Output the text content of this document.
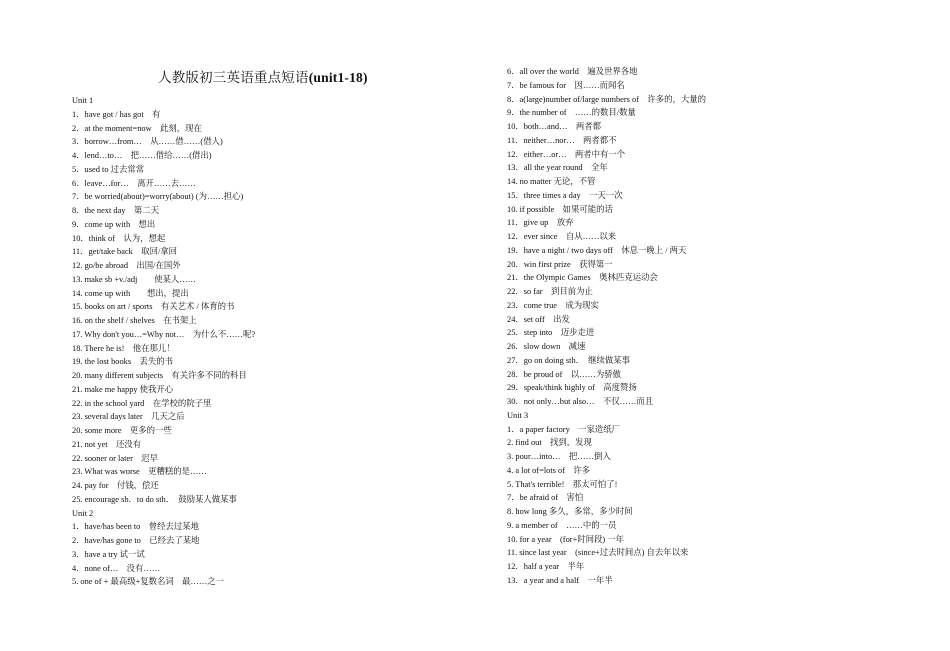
人教版初三英语重点短语(unit1-18)
Unit 1
1．have got / has got　有
2．at the moment=now　此刻，现在
3．borrow…from…　从……借……(借人)
4．lend…to…　把……借给……(借出)
5．used to 过去常常
6．leave…for…　离开……去……
7．be worried(about)=worry(about) (为……担心)
8．the next day　第二天
9．come up with　想出
10．think of　认为，想起
11．get/take back　取回/拿回
12. go/be abroad　出国/在国外
13. make sb +v./adj　　使某人……
14. come up with　　想出，提出
15. books on art / sports　有关艺术 / 体育的书
16. on the shelf / shelves　在书架上
17. Why don't you…=Why not…　为什么不……呢?
18. There he is!　他在那儿！
19. the lost books　丢失的书
20. many different subjects　有关许多不同的科目
21. make me happy 使我开心
22. in the school yard　在学校的院子里
23. several days later　几天之后
20. some more　更多的一些
21. not yet　还没有
22. sooner or later　迟早
23. What was worse　更糟糕的是……
24. pay for　付钱，偿还
25. encourage sb．to do sth．　鼓励某人做某事
Unit 2
1．have/has been to　曾经去过某地
2．have/has gone to　已经去了某地
3．have a try 试一试
4．none of…　没有……
5. one of + 最高级+复数名词　最……之一
6．all over the world　遍及世界各地
7．be famous for　因……而闻名
8．a(large)number of/large numbers of　许多的，大量的
9．the number of　……的数目/数量
10．both…and…　两者都
11．neither…nor…　两者都不
12．either…or…　两者中有一个
13．all the year round　全年
14. no matter 无论，不管
15．three times a day　一天一次
10. if possible　如果可能的话
11．give up　放弃
12．ever since　自从……以来
19．have a night / two days off　休息一晚上 / 两天
20．win first prize　获得第一
21．the Olympic Games　奥林匹克运动会
22．so far　到目前为止
23．come true　成为现实
24．set off　出发
25．step into　迈步走进
26．slow down　减速
27．go on doing sth．　继续做某事
28．be proud of　以……为骄傲
29．speak/think highly of　高度赞扬
30．not only…but also…　不仅……而且
Unit 3
1．a paper factory　一家造纸厂
2. find out　找到，发现
3. pour…into…　把……倒入
4. a lot of=lots of　许多
5. That's terrible!　那太可怕了!
7．be afraid of　害怕
8. how long 多久，多常，多少时间
9. a member of　……中的一员
10. for a year　(for+时间段) 一年
11. since last year　(since+过去时间点) 自去年以来
12．half a year　半年
13．a year and a half　一年半
